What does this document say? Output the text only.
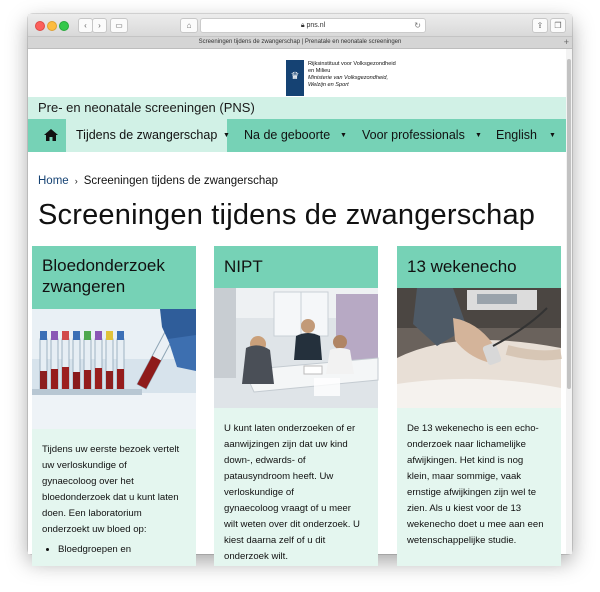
‹	›	▭	⌂	🔒︎ pns.nl	↻	⇪	❐
Screeningen tijdens de zwangerschap | Prenatale en neonatale screeningen	+
♛
Rijksinstituut voor Volksgezondheid
en Milieu
Ministerie van Volksgezondheid,
Welzijn en Sport
Pre- en neonatale screeningen (PNS)
Tijdens de zwangerschap ▼ Na de geboorte ▼ Voor professionals ▼ English ▼
Home › Screeningen tijdens de zwangerschap
Screeningen tijdens de zwangerschap
Bloedonderzoek
zwangeren
Tijdens uw eerste bezoek vertelt
uw verloskundige of
gynaecoloog over het
bloedonderzoek dat u kunt laten
doen. Een laboratorium
onderzoekt uw bloed op:
• Bloedgroepen en
NIPT
U kunt laten onderzoeken of er
aanwijzingen zijn dat uw kind
down-, edwards- of
patausyndroom heeft. Uw
verloskundige of
gynaecoloog vraagt of u meer
wilt weten over dit onderzoek. U
kiest daarna zelf of u dit
onderzoek wilt.
13 wekenecho
De 13 wekenecho is een echo-
onderzoek naar lichamelijke
afwijkingen. Het kind is nog
klein, maar sommige, vaak
ernstige afwijkingen zijn wel te
zien. Als u kiest voor de 13
wekenecho doet u mee aan een
wetenschappelijke studie.
